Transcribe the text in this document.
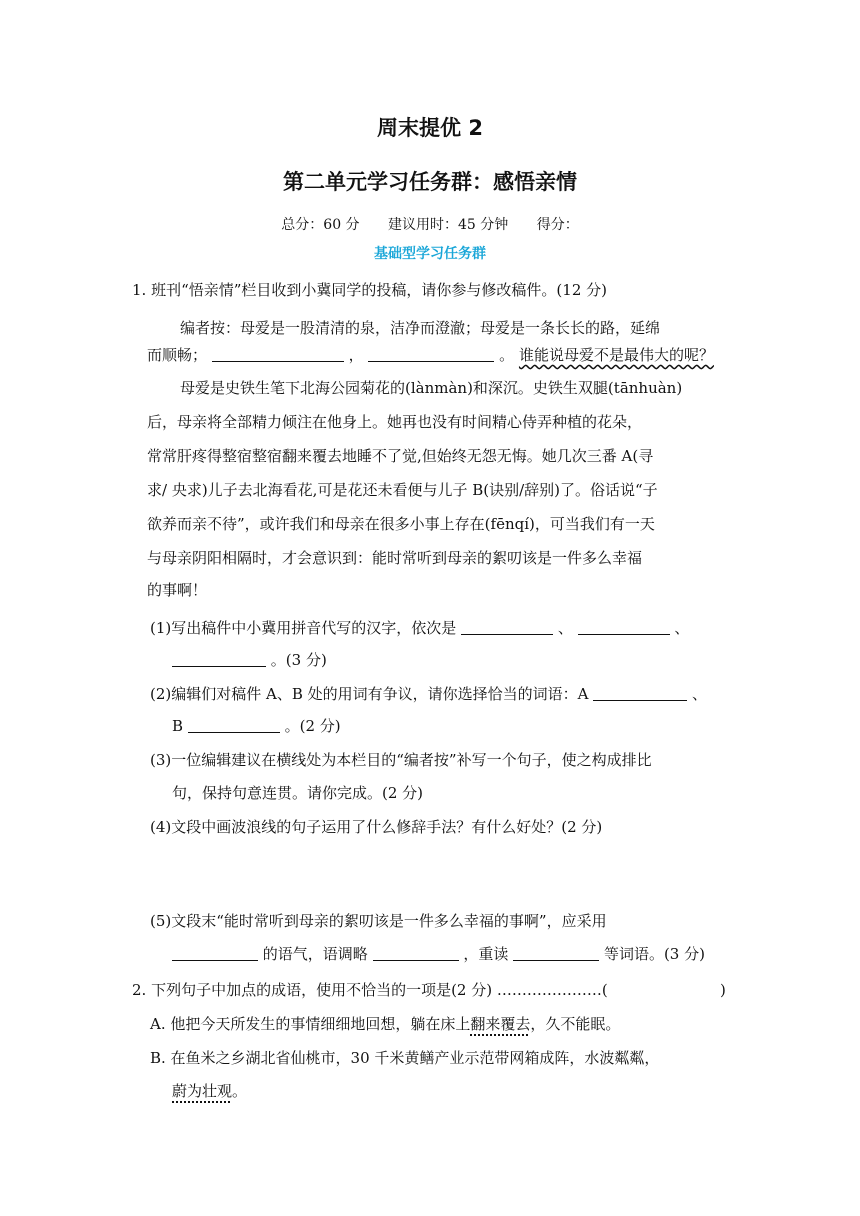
周末提优 2
第二单元学习任务群：感悟亲情
总分：60 分 建议用时：45 分钟 得分：
基础型学习任务群
1. 班刊“悟亲情”栏目收到小冀同学的投稿，请你参与修改稿件。(12 分)
编者按：母爱是一股清清的泉，洁净而澄澈；母爱是一条长长的路，延绵
而顺畅；	，	。 谁能说母爱不是最伟大的呢？
母爱是史铁生笔下北海公园菊花的(lànmàn)和深沉。史铁生双腿(tānhuàn)
后，母亲将全部精力倾注在他身上。她再也没有时间精心侍弄种植的花朵，
常常肝疼得整宿整宿翻来覆去地睡不了觉,但始终无怨无悔。她几次三番 A(寻
求/ 央求)儿子去北海看花,可是花还未看便与儿子 B(诀别/辞别)了。俗话说“子
欲养而亲不待”，或许我们和母亲在很多小事上存在(fēnqí)，可当我们有一天
与母亲阴阳相隔时，才会意识到：能时常听到母亲的絮叨该是一件多么幸福
的事啊！
(1)写出稿件中小冀用拼音代写的汉字，依次是	、	、
。(3 分)
(2)编辑们对稿件 A、B 处的用词有争议，请你选择恰当的词语：A	、
B	。(2 分)
(3)一位编辑建议在横线处为本栏目的“编者按”补写一个句子，使之构成排比
句，保持句意连贯。请你完成。(2 分)
(4)文段中画波浪线的句子运用了什么修辞手法？有什么好处？(2 分)
(5)文段末“能时常听到母亲的絮叨该是一件多么幸福的事啊”，应采用
的语气，语调略	，重读	等词语。(3 分)
2. 下列句子中加点的成语，使用不恰当的一项是(2 分) …………………(	)
A. 他把今天所发生的事情细细地回想，躺在床上翻来覆去，久不能眠。
B. 在鱼米之乡湖北省仙桃市，30 千米黄鳝产业示范带网箱成阵，水波粼粼，
蔚为壮观。
